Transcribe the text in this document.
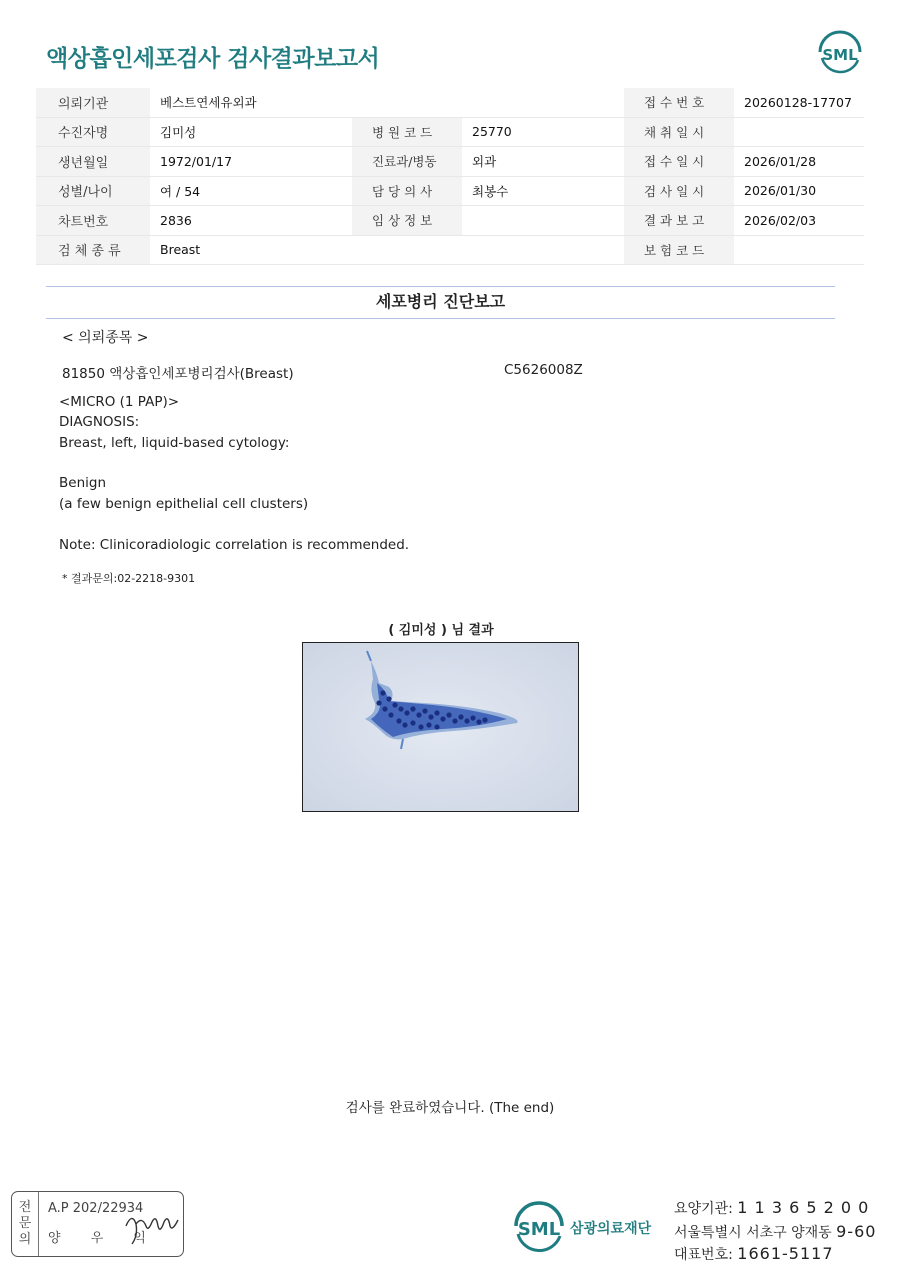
액상흡인세포검사 검사결과보고서	SML
의뢰기관	베스트연세유외과			접 수 번 호	20260128-17707
수진자명	김미성	병 원 코 드	25770	채 취 일 시	
생년월일	1972/01/17	진료과/병동	외과	접 수 일 시	2026/01/28
성별/나이	여 / 54	담 당 의 사	최봉수	검 사 일 시	2026/01/30
차트번호	2836	임 상 정 보		결 과 보 고	2026/02/03
검 체 종 류	Breast			보 험 코 드	
세포병리 진단보고
< 의뢰종목 >
81850 액상흡인세포병리검사(Breast)	C5626008Z
<MICRO (1 PAP)>
DIAGNOSIS:
Breast, left, liquid-based cytology:
Benign
(a few benign epithelial cell clusters)
Note: Clinicoradiologic correlation is recommended.
* 결과문의:02-2218-9301
( 김미성 ) 님 결과
검사를 완료하였습니다. (The end)
전
문
의
A.P 202/22934
양 우 익	SML 삼광의료재단
요양기관: 1 1 3 6 5 2 0 0
서울특별시 서초구 양재동 9-60
대표번호: 1661-5117
